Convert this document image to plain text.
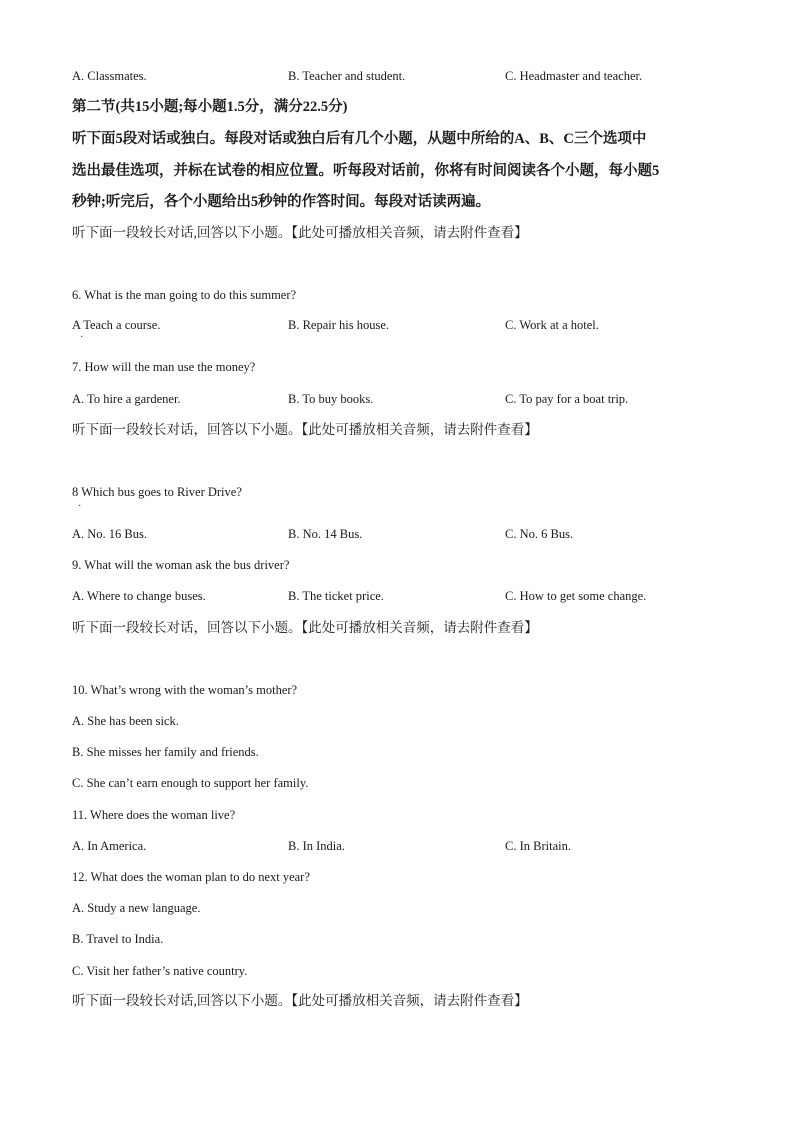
A. Classmates.	B. Teacher and student.	C. Headmaster and teacher.
第二节(共15小题;每小题1.5分，满分22.5分)
听下面5段对话或独白。每段对话或独白后有几个小题，从题中所给的A、B、C三个选项中
选出最佳选项，并标在试卷的相应位置。听每段对话前，你将有时间阅读各个小题，每小题5
秒钟;听完后，各个小题给出5秒钟的作答时间。每段对话读两遍。
听下面一段较长对话,回答以下小题。【此处可播放相关音频，请去附件查看】
6. What is the man going to do this summer?
A Teach a course.	B. Repair his house.	C. Work at a hotel.
·
7. How will the man use the money?
A. To hire a gardener.	B. To buy books.	C. To pay for a boat trip.
听下面一段较长对话，回答以下小题。【此处可播放相关音频，请去附件查看】
8 Which bus goes to River Drive?
·
A. No. 16 Bus.	B. No. 14 Bus.	C. No. 6 Bus.
9. What will the woman ask the bus driver?
A. Where to change buses.	B. The ticket price.	C. How to get some change.
听下面一段较长对话，回答以下小题。【此处可播放相关音频，请去附件查看】
10. What’s wrong with the woman’s mother?
A. She has been sick.
B. She misses her family and friends.
C. She can’t earn enough to support her family.
11. Where does the woman live?
A. In America.	B. In India.	C. In Britain.
12. What does the woman plan to do next year?
A. Study a new language.
B. Travel to India.
C. Visit her father’s native country.
听下面一段较长对话,回答以下小题。【此处可播放相关音频，请去附件查看】
